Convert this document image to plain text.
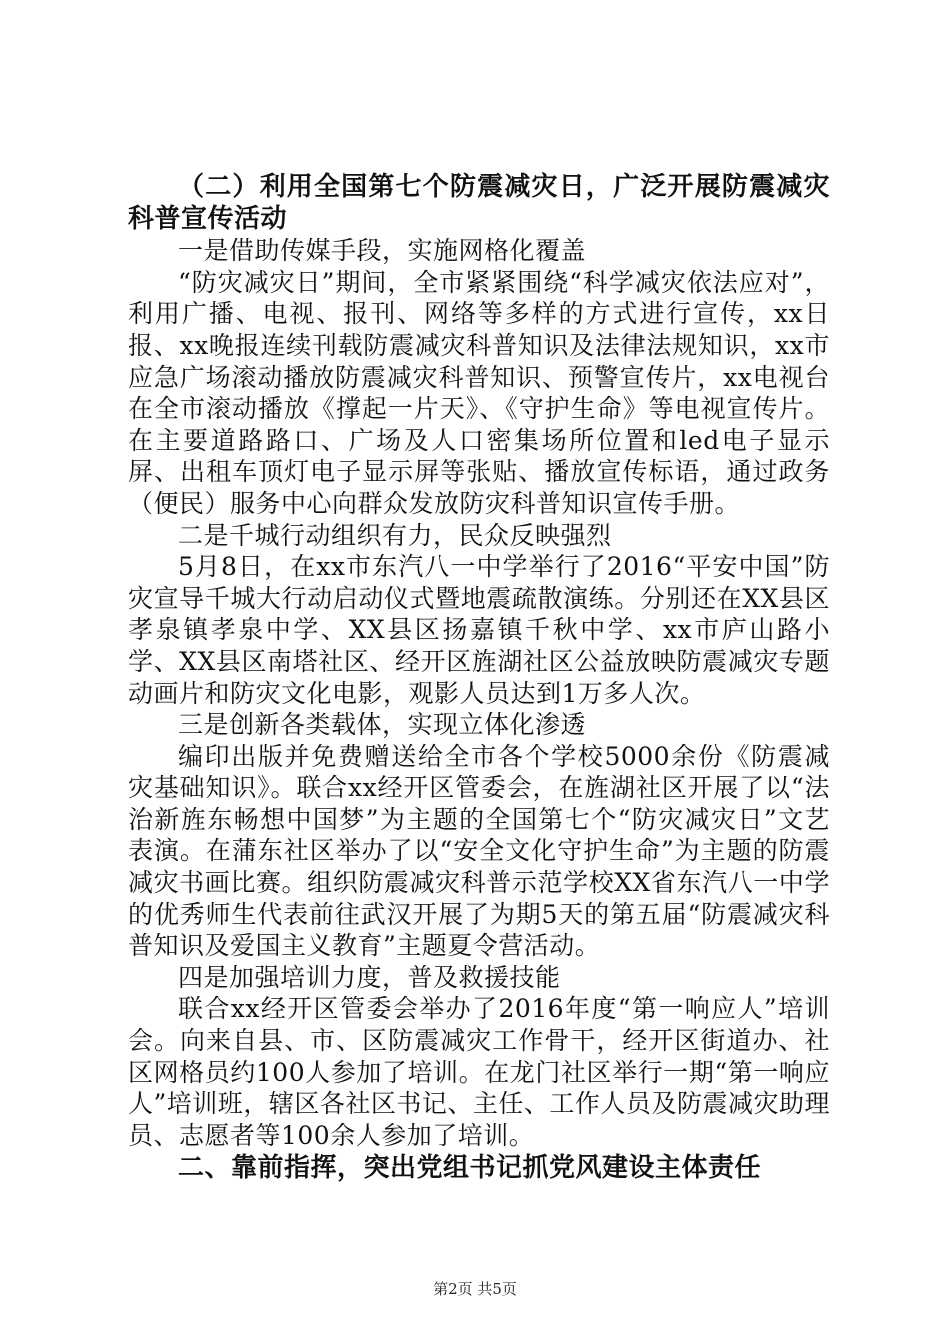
（二）利用全国第七个防震减灾日，广泛开展防震减灾科普宣传活动

一是借助传媒手段，实施网格化覆盖

“防灾减灾日”期间，全市紧紧围绕“科学减灾依法应对”，利用广播、电视、报刊、网络等多样的方式进行宣传，xx日报、xx晚报连续刊载防震减灾科普知识及法律法规知识，xx市应急广场滚动播放防震减灾科普知识、预警宣传片，xx电视台在全市滚动播放《撑起一片天》、《守护生命》等电视宣传片。在主要道路路口、广场及人口密集场所位置和led电子显示屏、出租车顶灯电子显示屏等张贴、播放宣传标语，通过政务（便民）服务中心向群众发放防灾科普知识宣传手册。

二是千城行动组织有力，民众反映强烈

5月8日，在xx市东汽八一中学举行了2016“平安中国”防灾宣导千城大行动启动仪式暨地震疏散演练。分别还在XX县区孝泉镇孝泉中学、XX县区扬嘉镇千秋中学、xx市庐山路小学、XX县区南塔社区、经开区旌湖社区公益放映防震减灾专题动画片和防灾文化电影，观影人员达到1万多人次。

三是创新各类载体，实现立体化渗透

编印出版并免费赠送给全市各个学校5000余份《防震减灾基础知识》。联合xx经开区管委会，在旌湖社区开展了以“法治新旌东畅想中国梦”为主题的全国第七个“防灾减灾日”文艺表演。在蒲东社区举办了以“安全文化守护生命”为主题的防震减灾书画比赛。组织防震减灾科普示范学校XX省东汽八一中学的优秀师生代表前往武汉开展了为期5天的第五届“防震减灾科普知识及爱国主义教育”主题夏令营活动。

四是加强培训力度，普及救援技能

联合xx经开区管委会举办了2016年度“第一响应人”培训会。向来自县、市、区防震减灾工作骨干，经开区街道办、社区网格员约100人参加了培训。在龙门社区举行一期“第一响应人”培训班，辖区各社区书记、主任、工作人员及防震减灾助理员、志愿者等100余人参加了培训。

二、靠前指挥，突出党组书记抓党风建设主体责任

第2页 共5页
